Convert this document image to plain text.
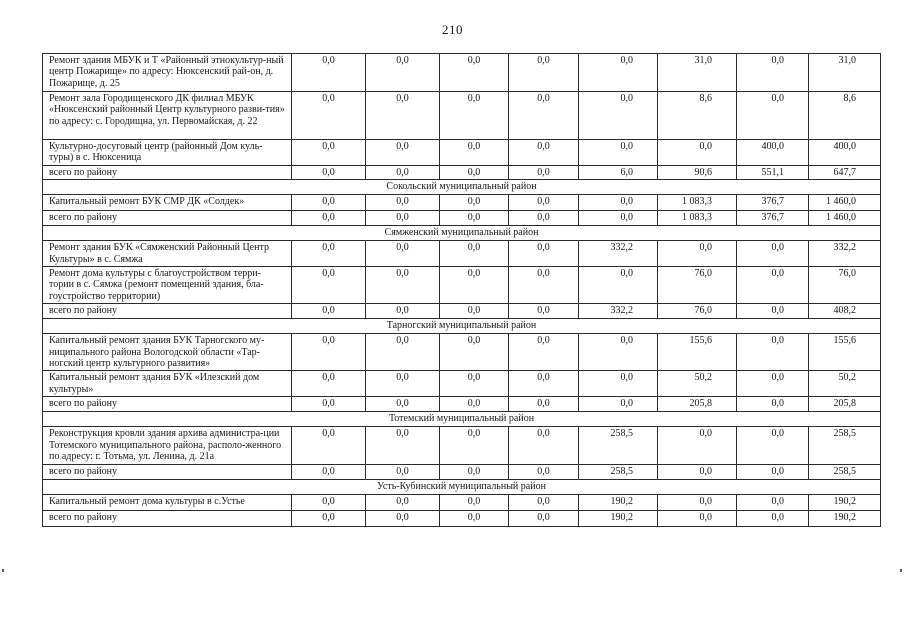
210
Ремонт здания МБУК и Т «Районный этнокультур-ный центр Пожарище» по адресу: Нюксенский рай-он, д. Пожарище, д. 25	0,0	0,0	0,0	0,0	0,0	31,0	0,0	31,0
Ремонт зала Городищенского ДК филиал МБУК «Нюксенский районный Центр культурного разви-тия» по адресу: с. Городищна, ул. Первомайская, д. 22	0,0	0,0	0,0	0,0	0,0	8,6	0,0	8,6
Культурно-досуговый центр (районный Дом куль-туры) в с. Нюксеница	0,0	0,0	0,0	0,0	0,0	0,0	400,0	400,0
всего по району	0,0	0,0	0,0	0,0	6,0	90,6	551,1	647,7
Сокольский муниципальный район								
Капитальный ремонт БУК СМР ДК «Солдек»	0,0	0,0	0,0	0,0	0,0	1 083,3	376,7	1 460,0
всего по району	0,0	0,0	0,0	0,0	0,0	1 083,3	376,7	1 460,0
Сямженский муниципальный район								
Ремонт здания БУК «Сямженский Районный Центр Культуры» в с. Сямжа	0,0	0,0	0,0	0,0	332,2	0,0	0,0	332,2
Ремонт дома культуры с благоустройством терри-тории в с. Сямжа (ремонт помещений здания, бла-гоустройство территории)	0,0	0,0	0,0	0,0	0,0	76,0	0,0	76,0
всего по району	0,0	0,0	0,0	0,0	332,2	76,0	0,0	408,2
Тарногский муниципальный район								
Капитальный ремонт здания БУК Тарногского му-ниципального района Вологодской области «Тар-ногский центр культурного развития»	0,0	0,0	0,0	0,0	0,0	155,6	0,0	155,6
Капитальный ремонт здания БУК «Илезский дом культуры»	0,0	0,0	0,0	0,0	0,0	50,2	0,0	50,2
всего по району	0,0	0,0	0,0	0,0	0,0	205,8	0,0	205,8
Тотемский муниципальный район								
Реконструкция кровли здания архива администра-ции Тотемского муниципального района, располо-женного по адресу: г. Тотьма, ул. Ленина, д. 21а	0,0	0,0	0,0	0,0	258,5	0,0	0,0	258,5
всего по району	0,0	0,0	0,0	0,0	258,5	0,0	0,0	258,5
Усть-Кубинский муниципальный район								
Капитальный ремонт дома культуры в с.Устье	0,0	0,0	0,0	0,0	190,2	0,0	0,0	190,2
всего по району	0,0	0,0	0,0	0,0	190,2	0,0	0,0	190,2
